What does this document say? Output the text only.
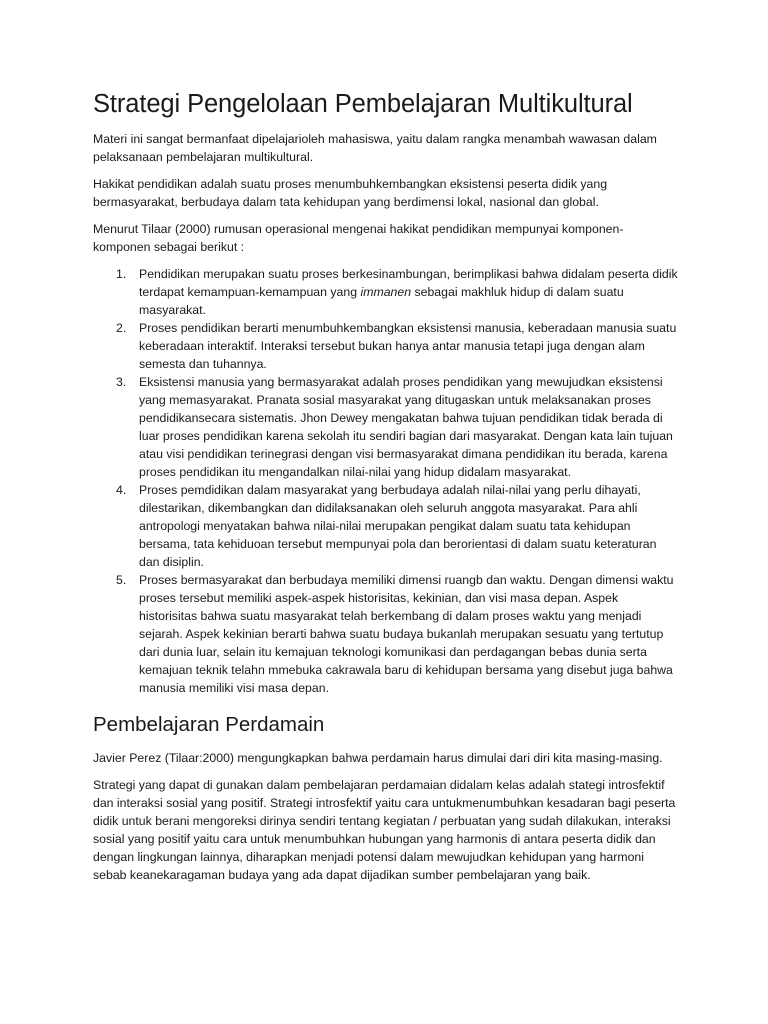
Strategi Pengelolaan Pembelajaran Multikultural

Materi ini sangat bermanfaat dipelajarioleh mahasiswa, yaitu dalam rangka menambah wawasan dalam pelaksanaan pembelajaran multikultural.

Hakikat pendidikan adalah suatu proses menumbuhkembangkan eksistensi peserta didik yang bermasyarakat, berbudaya dalam tata kehidupan yang berdimensi lokal, nasional dan global.

Menurut Tilaar (2000) rumusan operasional mengenai hakikat pendidikan mempunyai komponen-komponen sebagai berikut :

1. Pendidikan merupakan suatu proses berkesinambungan, berimplikasi bahwa didalam peserta didik terdapat kemampuan-kemampuan yang immanen sebagai makhluk hidup di dalam suatu masyarakat.
2. Proses pendidikan berarti menumbuhkembangkan eksistensi manusia, keberadaan manusia suatu keberadaan interaktif. Interaksi tersebut bukan hanya antar manusia tetapi juga dengan alam semesta dan tuhannya.
3. Eksistensi manusia yang bermasyarakat adalah proses pendidikan yang mewujudkan eksistensi yang memasyarakat. Pranata sosial masyarakat yang ditugaskan untuk melaksanakan proses pendidikansecara sistematis. Jhon Dewey mengakatan bahwa tujuan pendidikan tidak berada di luar proses pendidikan karena sekolah itu sendiri bagian dari masyarakat. Dengan kata lain tujuan atau visi pendidikan terinegrasi dengan visi bermasyarakat dimana pendidikan itu berada, karena proses pendidikan itu mengandalkan nilai-nilai yang hidup didalam masyarakat.
4. Proses pemdidikan dalam masyarakat yang berbudaya adalah nilai-nilai yang perlu dihayati, dilestarikan, dikembangkan dan didilaksanakan oleh seluruh anggota masyarakat. Para ahli antropologi menyatakan bahwa nilai-nilai merupakan pengikat dalam suatu tata kehidupan bersama, tata kehiduoan tersebut mempunyai pola dan berorientasi di dalam suatu keteraturan dan disiplin.
5. Proses bermasyarakat dan berbudaya memiliki dimensi ruangb dan waktu. Dengan dimensi waktu proses tersebut memiliki aspek-aspek historisitas, kekinian, dan visi masa depan. Aspek historisitas bahwa suatu masyarakat telah berkembang di dalam proses waktu yang menjadi sejarah. Aspek kekinian berarti bahwa suatu budaya bukanlah merupakan sesuatu yang tertutup dari dunia luar, selain itu kemajuan teknologi komunikasi dan perdagangan bebas dunia serta kemajuan teknik telahn mmebuka cakrawala baru di kehidupan bersama yang disebut juga bahwa manusia memiliki visi masa depan.
Pembelajaran Perdamain

Javier Perez (Tilaar:2000) mengungkapkan bahwa perdamain harus dimulai dari diri kita masing-masing.

Strategi yang dapat di gunakan dalam pembelajaran perdamaian didalam kelas adalah stategi introsfektif dan interaksi sosial yang positif. Strategi introsfektif yaitu cara untukmenumbuhkan kesadaran bagi peserta didik untuk berani mengoreksi dirinya sendiri tentang kegiatan / perbuatan yang sudah dilakukan, interaksi sosial yang positif yaitu cara untuk menumbuhkan hubungan yang harmonis di antara peserta didik dan dengan lingkungan lainnya, diharapkan menjadi potensi dalam mewujudkan kehidupan yang harmoni sebab keanekaragaman budaya yang ada dapat dijadikan sumber pembelajaran yang baik.
